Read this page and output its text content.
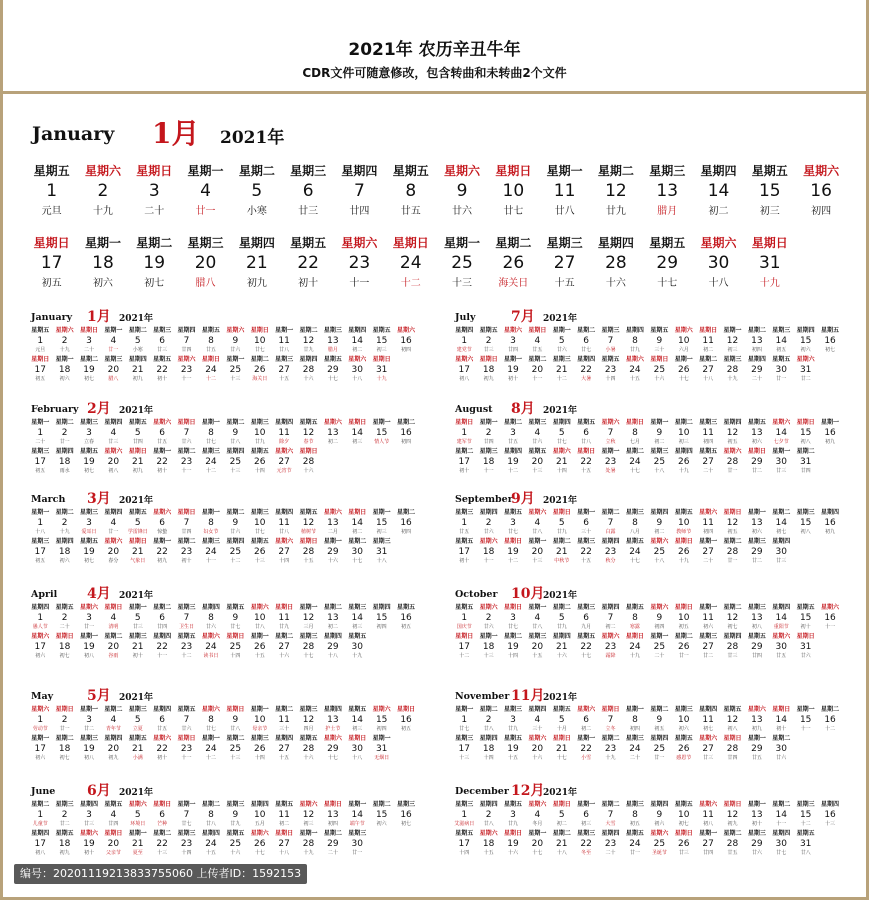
2021年 农历辛丑牛年
CDR文件可随意修改，包含转曲和未转曲2个文件
January 1月 2021年
星期五
1
元旦
星期六
2
十九
星期日
3
二十
星期一
4
廿一
星期二
5
小寒
星期三
6
廿三
星期四
7
廿四
星期五
8
廿五
星期六
9
廿六
星期日
10
廿七
星期一
11
廿八
星期二
12
廿九
星期三
13
腊月
星期四
14
初二
星期五
15
初三
星期六
16
初四
星期日
17
初五
星期一
18
初六
星期二
19
初七
星期三
20
腊八
星期四
21
初九
星期五
22
初十
星期六
23
十一
星期日
24
十二
星期一
25
十三
星期二
26
海关日
星期三
27
十五
星期四
28
十六
星期五
29
十七
星期六
30
十八
星期日
31
十九
January 1月 2021年
星期五
1
元旦
星期六
2
十九
星期日
3
二十
星期一
4
廿一
星期二
5
小寒
星期三
6
廿三
星期四
7
廿四
星期五
8
廿五
星期六
9
廿六
星期日
10
廿七
星期一
11
廿八
星期二
12
廿九
星期三
13
腊月
星期四
14
初二
星期五
15
初三
星期六
16
初四
星期日
17
初五
星期一
18
初六
星期二
19
初七
星期三
20
腊八
星期四
21
初九
星期五
22
初十
星期六
23
十一
星期日
24
十二
星期一
25
十三
星期二
26
海关日
星期三
27
十五
星期四
28
十六
星期五
29
十七
星期六
30
十八
星期日
31
十九
February 2月 2021年
星期一
1
二十
星期二
2
廿一
星期三
3
立春
星期四
4
廿三
星期五
5
廿四
星期六
6
廿五
星期日
7
廿六
星期一
8
廿七
星期二
9
廿八
星期三
10
廿九
星期四
11
除夕
星期五
12
春节
星期六
13
初二
星期日
14
初三
星期一
15
情人节
星期二
16
初四
星期三
17
初五
星期四
18
雨水
星期五
19
初七
星期六
20
初八
星期日
21
初九
星期一
22
初十
星期二
23
十一
星期三
24
十二
星期四
25
十三
星期五
26
十四
星期六
27
元宵节
星期日
28
十六
March 3月 2021年
星期一
1
十八
星期二
2
十九
星期三
3
爱耳日
星期四
4
廿一
星期五
5
学雷锋日
星期六
6
惊蛰
星期日
7
廿四
星期一
8
妇女节
星期二
9
廿六
星期三
10
廿七
星期四
11
廿八
星期五
12
植树节
星期六
13
二月
星期日
14
初二
星期一
15
初三
星期二
16
初四
星期三
17
初五
星期四
18
初六
星期五
19
初七
星期六
20
春分
星期日
21
气象日
星期一
22
初九
星期二
23
初十
星期三
24
十一
星期四
25
十二
星期五
26
十三
星期六
27
十四
星期日
28
十五
星期一
29
十六
星期二
30
十七
星期三
31
十八
April 4月 2021年
星期四
1
愚人节
星期五
2
二十
星期六
3
廿一
星期日
4
清明
星期一
5
廿三
星期二
6
廿四
星期三
7
卫生日
星期四
8
廿六
星期五
9
廿七
星期六
10
廿八
星期日
11
廿九
星期一
12
三月
星期二
13
初二
星期三
14
初三
星期四
15
初四
星期五
16
初五
星期六
17
初六
星期日
18
初七
星期一
19
初八
星期二
20
谷雨
星期三
21
初十
星期四
22
十一
星期五
23
十二
星期六
24
读书日
星期日
25
十四
星期一
26
十五
星期二
27
十六
星期三
28
十七
星期四
29
十八
星期五
30
十九
May 5月 2021年
星期六
1
劳动节
星期日
2
廿一
星期一
3
廿二
星期二
4
青年节
星期三
5
立夏
星期四
6
廿五
星期五
7
廿六
星期六
8
廿七
星期日
9
廿八
星期一
10
母亲节
星期二
11
三十
星期三
12
四月
星期四
13
护士节
星期五
14
初三
星期六
15
初四
星期日
16
初五
星期一
17
初六
星期二
18
初七
星期三
19
初八
星期四
20
初九
星期五
21
小满
星期六
22
初十
星期日
23
十一
星期一
24
十二
星期二
25
十三
星期三
26
十四
星期四
27
十五
星期五
28
十六
星期六
29
十七
星期日
30
十八
星期一
31
无烟日
June 6月 2021年
星期二
1
儿童节
星期三
2
廿二
星期四
3
廿三
星期五
4
廿四
星期六
5
环境日
星期日
6
芒种
星期一
7
廿七
星期二
8
廿八
星期三
9
廿九
星期四
10
五月
星期五
11
初二
星期六
12
初三
星期日
13
初四
星期一
14
端午节
星期二
15
初六
星期三
16
初七
星期四
17
初八
星期五
18
初九
星期六
19
初十
星期日
20
父亲节
星期一
21
夏至
星期二
22
十三
星期三
23
十四
星期四
24
十五
星期五
25
十六
星期六
26
十七
星期日
27
十八
星期一
28
十九
星期二
29
二十
星期三
30
廿一
July	7月 2021年
星期四
1
建党节
星期五
2
廿三
星期六
3
廿四
星期日
4
廿五
星期一
5
廿六
星期二
6
廿七
星期三
7
小暑
星期四
8
廿九
星期五
9
三十
星期六
10
六月
星期日
11
初二
星期一
12
初三
星期二
13
初四
星期三
14
初五
星期四
15
初六
星期五
16
初七
星期六
17
初八
星期日
18
初九
星期一
19
初十
星期二
20
十一
星期三
21
十二
星期四
22
大暑
星期五
23
十四
星期六
24
十五
星期日
25
十六
星期一
26
十七
星期二
27
十八
星期三
28
十九
星期四
29
二十
星期五
30
廿一
星期六
31
廿二
August 8月 2021年
星期日
1
建军节
星期一
2
廿四
星期二
3
廿五
星期三
4
廿六
星期四
5
廿七
星期五
6
廿八
星期六
7
立秋
星期日
8
七月
星期一
9
初二
星期二
10
初三
星期三
11
初四
星期四
12
初五
星期五
13
初六
星期六
14
七夕节
星期日
15
初八
星期一
16
初九
星期二
17
初十
星期三
18
十一
星期四
19
十二
星期五
20
十三
星期六
21
十四
星期日
22
十五
星期一
23
处暑
星期二
24
十七
星期三
25
十八
星期四
26
十九
星期五
27
二十
星期六
28
廿一
星期日
29
廿二
星期一
30
廿三
星期二
31
廿四
September
9月 2021年
星期三
1
廿五
星期四
2
廿六
星期五
3
廿七
星期六
4
廿八
星期日
5
廿九
星期一
6
三十
星期二
7
白露
星期三
8
八月
星期四
9
初二
星期五
10
教师节
星期六
11
初四
星期日
12
初五
星期一
13
初六
星期二
14
初七
星期三
15
初八
星期四
16
初九
星期五
17
初十
星期六
18
十一
星期日
19
十二
星期一
20
十三
星期二
21
中秋节
星期三
22
十五
星期四
23
秋分
星期五
24
十七
星期六
25
十八
星期日
26
十九
星期一
27
二十
星期二
28
廿一
星期三
29
廿二
星期四
30
廿三
October 10月
2021年
星期五
1
国庆节
星期六
2
廿六
星期日
3
廿七
星期一
4
廿八
星期二
5
廿九
星期三
6
九月
星期四
7
初二
星期五
8
寒露
星期六
9
初四
星期日
10
初五
星期一
11
初六
星期二
12
初七
星期三
13
初八
星期四
14
重阳节
星期五
15
初十
星期六
16
十一
星期日
17
十二
星期一
18
十三
星期二
19
十四
星期三
20
十五
星期四
21
十六
星期五
22
十七
星期六
23
霜降
星期日
24
十九
星期一
25
二十
星期二
26
廿一
星期三
27
廿二
星期四
28
廿三
星期五
29
廿四
星期六
30
廿五
星期日
31
廿六
November 11月
2021年
星期一
1
廿七
星期二
2
廿八
星期三
3
廿九
星期四
4
三十
星期五
5
十月
星期六
6
初二
星期日
7
立冬
星期一
8
初四
星期二
9
初五
星期三
10
初六
星期四
11
初七
星期五
12
初八
星期六
13
初九
星期日
14
初十
星期一
15
十一
星期二
16
十二
星期三
17
十三
星期四
18
十四
星期五
19
十五
星期六
20
十六
星期日
21
十七
星期一
22
小雪
星期二
23
十九
星期三
24
二十
星期四
25
廿一
星期五
26
感恩节
星期六
27
廿三
星期日
28
廿四
星期一
29
廿五
星期二
30
廿六
December 12月
2021年
星期三
1
艾滋病日
星期四
2
廿八
星期五
3
廿九
星期六
4
冬月
星期日
5
初二
星期一
6
初三
星期二
7
大雪
星期三
8
初五
星期四
9
初六
星期五
10
初七
星期六
11
初八
星期日
12
初九
星期一
13
初十
星期二
14
十一
星期三
15
十二
星期四
16
十三
星期五
17
十四
星期六
18
十五
星期日
19
十六
星期一
20
十七
星期二
21
十八
星期三
22
冬至
星期四
23
二十
星期五
24
廿一
星期六
25
圣诞节
星期日
26
廿三
星期一
27
廿四
星期二
28
廿五
星期三
29
廿六
星期四
30
廿七
星期五
31
廿八
编号：20201119213833755060 上传者ID：1592153
